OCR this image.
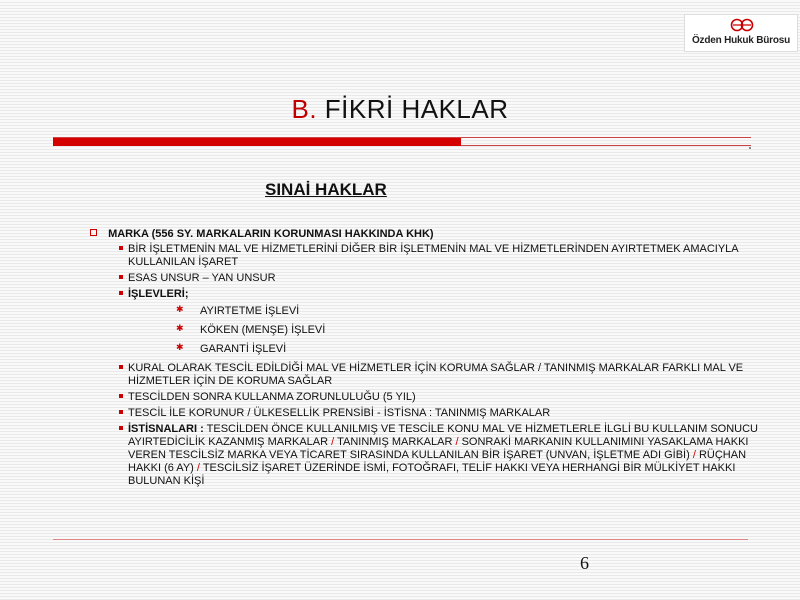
Özden Hukuk Bürosu
B. FİKRİ HAKLAR
SINAİ HAKLAR
MARKA (556 SY. MARKALARIN KORUNMASI HAKKINDA KHK)
BİR İŞLETMENİN MAL VE HİZMETLERİNİ DİĞER BİR İŞLETMENİN MAL VE HİZMETLERİNDEN AYIRTETMEK AMACIYLA KULLANILAN İŞARET
ESAS UNSUR – YAN UNSUR
İŞLEVLERİ;
✱ AYIRTETME İŞLEVİ
✱ KÖKEN (MENŞE) İŞLEVİ
✱ GARANTİ İŞLEVİ
KURAL OLARAK TESCİL EDİLDİĞİ MAL VE HİZMETLER İÇİN KORUMA SAĞLAR / TANINMIŞ MARKALAR FARKLI MAL VE HİZMETLER İÇİN DE KORUMA SAĞLAR
TESCİLDEN SONRA KULLANMA ZORUNLULUĞU (5 YIL)
TESCİL İLE KORUNUR / ÜLKESELLİK PRENSİBİ - İSTİSNA : TANINMIŞ MARKALAR
İSTİSNALARI : TESCİLDEN ÖNCE KULLANILMIŞ VE TESCİLE KONU MAL VE HİZMETLERLE İLGLİ BU KULLANIM SONUCU AYIRTEDİCİLİK KAZANMIŞ MARKALAR / TANINMIŞ MARKALAR / SONRAKİ MARKANIN KULLANIMINI YASAKLAMA HAKKI VEREN TESCİLSİZ MARKA VEYA TİCARET SIRASINDA KULLANILAN BİR İŞARET (UNVAN, İŞLETME ADI GİBİ) / RÜÇHAN HAKKI (6 AY) / TESCİLSİZ İŞARET ÜZERİNDE İSMİ, FOTOĞRAFI, TELİF HAKKI VEYA HERHANGİ BİR MÜLKİYET HAKKI BULUNAN KİŞİ
6
